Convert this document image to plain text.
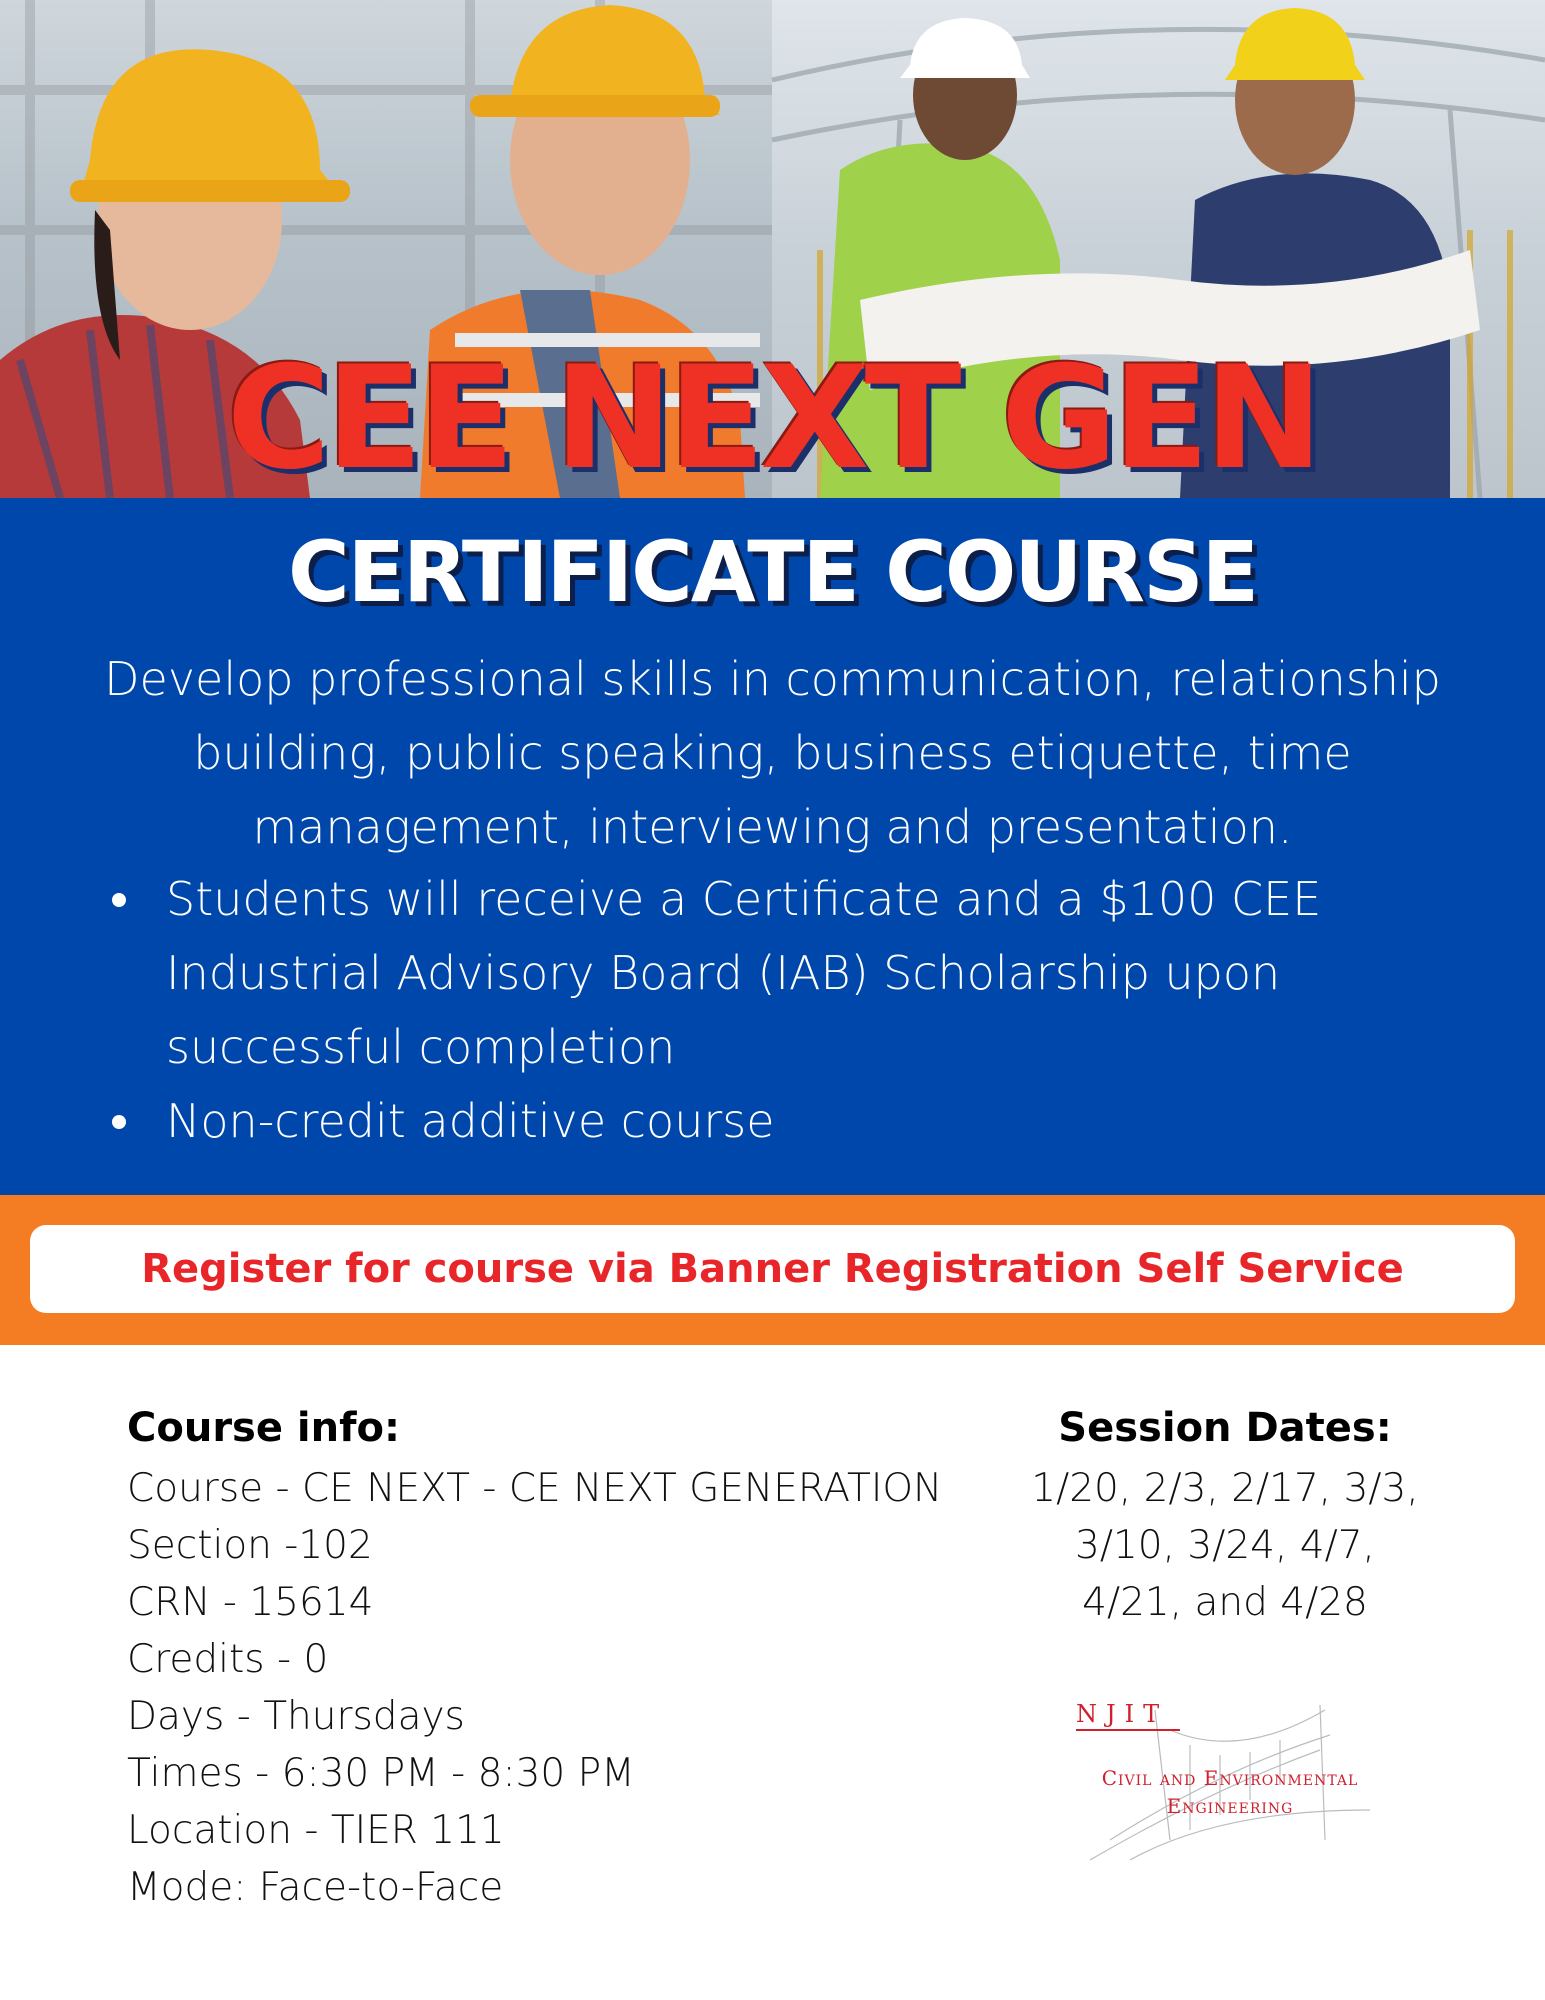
CEE NEXT GEN
CERTIFICATE COURSE
Develop professional skills in communication, relationship building, public speaking, business etiquette, time management, interviewing and presentation.
Students will receive a Certificate and a $100 CEE Industrial Advisory Board (IAB) Scholarship upon successful completion
Non-credit additive course
Register for course via Banner Registration Self Service
Course info:
Course - CE NEXT - CE NEXT GENERATION
Section -102
CRN - 15614
Credits - 0
Days - Thursdays
Times - 6:30 PM - 8:30 PM
Location - TIER 111
Mode: Face-to-Face
Session Dates:
1/20, 2/3, 2/17, 3/3,
3/10, 3/24, 4/7,
4/21, and 4/28
NJIT
Civil and Environmental
Engineering
